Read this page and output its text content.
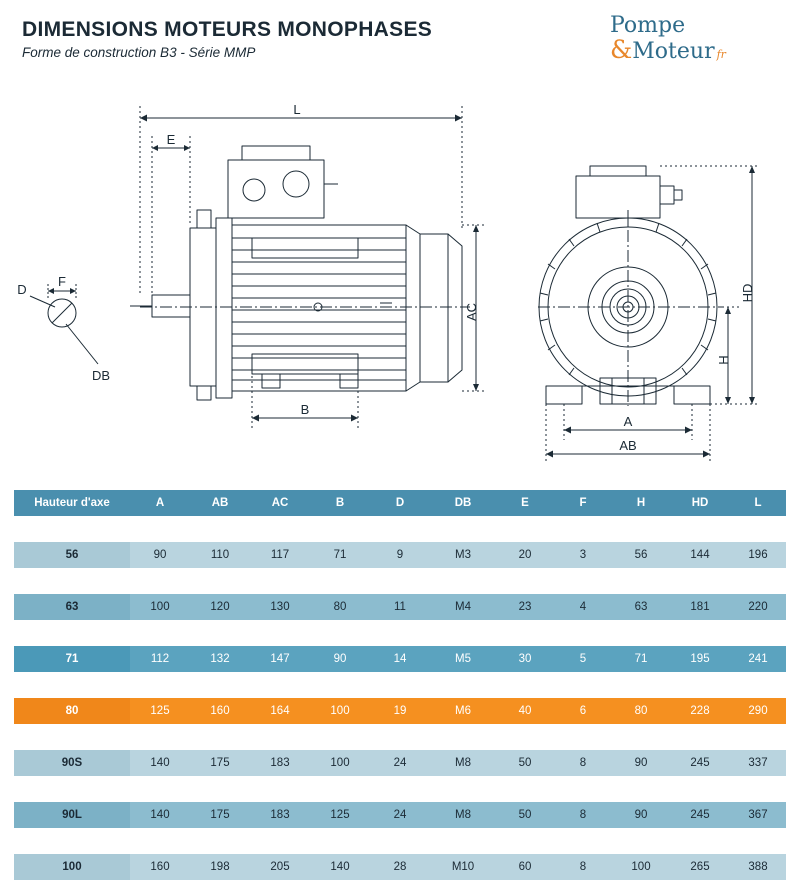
DIMENSIONS MOTEURS MONOPHASES
Forme de construction B3 - Série MMP
Pompe
&Moteur fr
L
E
AC
B
F
D
DB
HD
H
A
AB
Hauteur d'axe	A	AB	AC	B	D	DB	E	F	H	HD	L

56	90	110	117	71	9	M3	20	3	56	144	196

63	100	120	130	80	11	M4	23	4	63	181	220

71	112	132	147	90	14	M5	30	5	71	195	241

80	125	160	164	100	19	M6	40	6	80	228	290

90S	140	175	183	100	24	M8	50	8	90	245	337

90L	140	175	183	125	24	M8	50	8	90	245	367

100	160	198	205	140	28	M10	60	8	100	265	388
